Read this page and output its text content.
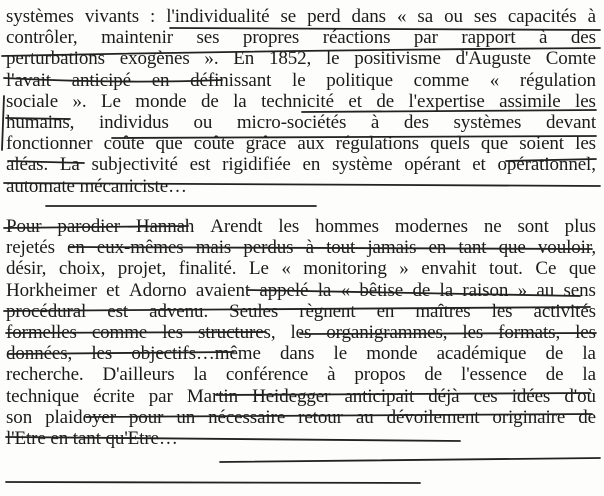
systèmes vivants : l'individualité se perd dans « sa ou ses capacités à
contrôler, maintenir ses propres réactions par rapport à des
perturbations exogènes ». En 1852, le positivisme d'Auguste Comte
l'avait anticipé en définissant le politique comme « régulation
sociale ». Le monde de la technicité et de l'expertise assimile les
humains, individus ou micro-sociétés à des systèmes devant
fonctionner coûte que coûte grâce aux régulations quels que soient les
aléas. La subjectivité est rigidifiée en système opérant et opérationnel,
automate mécaniciste…
Pour parodier Hannah Arendt les hommes modernes ne sont plus
rejetés en eux-mêmes mais perdus à tout jamais en tant que vouloir,
désir, choix, projet, finalité. Le « monitoring » envahit tout. Ce que
Horkheimer et Adorno avaient appelé la « bêtise de la raison » au sens
procédural est advenu. Seules règnent en maîtres les activités
formelles comme les structures, les organigrammes, les formats, les
données, les objectifs…même dans le monde académique de la
recherche. D'ailleurs la conférence à propos de l'essence de la
technique écrite par Martin Heidegger anticipait déjà ces idées d'où
son plaidoyer pour un nécessaire retour au dévoilement originaire de
l'Etre en tant qu'Etre…
